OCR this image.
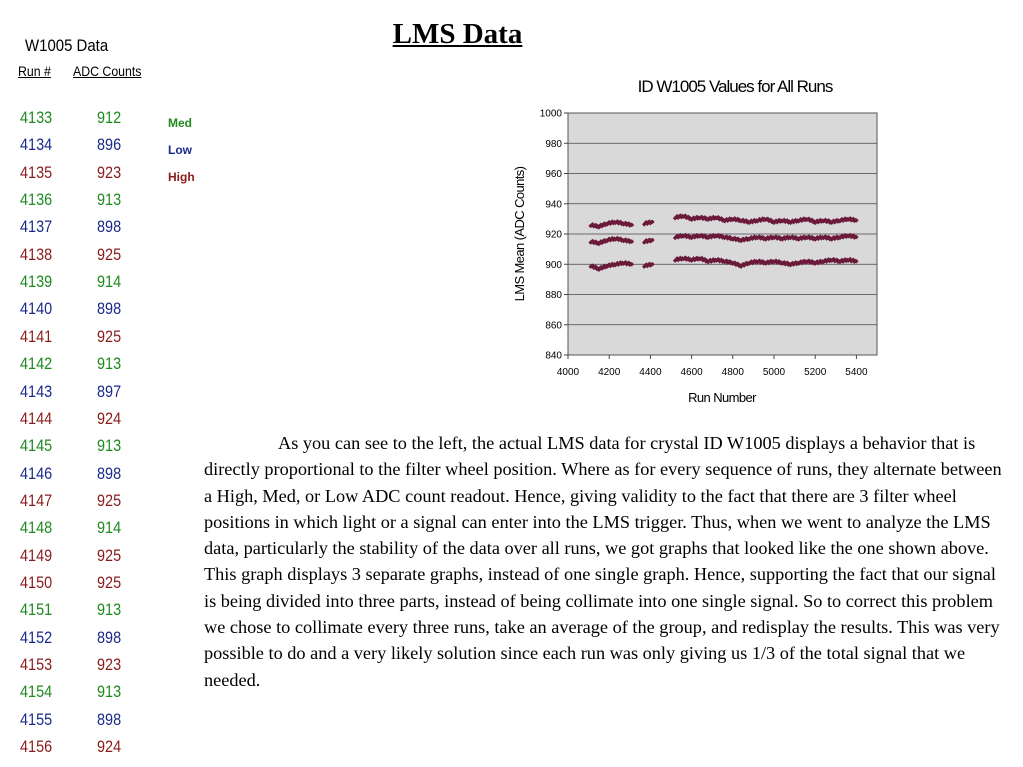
LMS Data
W1005 Data
Run # ADC Counts
4133	912
4134	896
4135	923
4136	913
4137	898
4138	925
4139	914
4140	898
4141	925
4142	913
4143	897
4144	924
4145	913
4146	898
4147	925
4148	914
4149	925
4150	925
4151	913
4152	898
4153	923
4154	913
4155	898
4156	924
Med
Low
High
ID W1005 Values for All Runs
840
860
880
900
920
940
960
980
1000
4000 4200 4400 4600 4800 5000 5200 5400
Run Number
LMS Mean (ADC Counts)
As you can see to the left, the actual LMS data for crystal ID W1005 displays a behavior that is directly proportional to the filter wheel position. Where as for every sequence of runs, they alternate between a High, Med, or Low ADC count readout. Hence, giving validity to the fact that there are 3 filter wheel positions in which light or a signal can enter into the LMS trigger. Thus, when we went to analyze the LMS data, particularly the stability of the data over all runs, we got graphs that looked like the one shown above. This graph displays 3 separate graphs, instead of one single graph. Hence, supporting the fact that our signal is being divided into three parts, instead of being collimate into one single signal. So to correct this problem we chose to collimate every three runs, take an average of the group, and redisplay the results. This was very possible to do and a very likely solution since each run was only giving us 1/3 of the total signal that we needed.
